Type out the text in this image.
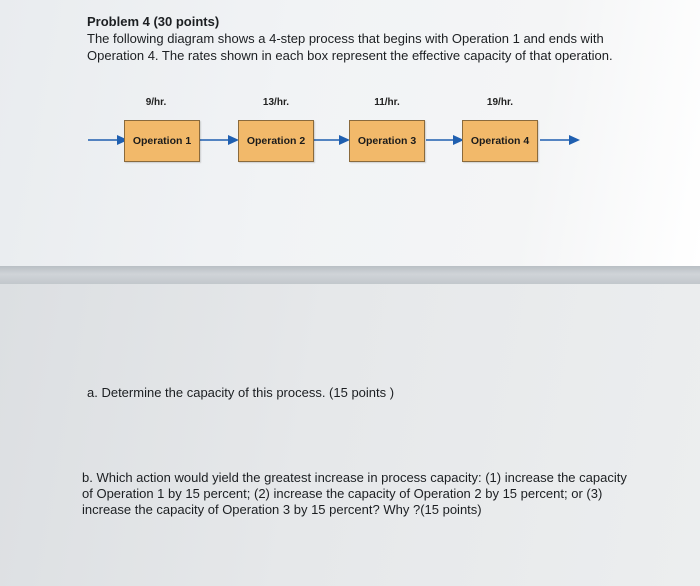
Problem 4 (30 points)
The following diagram shows a 4-step process that begins with Operation 1 and ends with Operation 4. The rates shown in each box represent the effective capacity of that operation.
9/hr.	13/hr.	11/hr.	19/hr.
Operation 1	Operation 2	Operation 3	Operation 4
a. Determine the capacity of this process. (15 points )
b. Which action would yield the greatest increase in process capacity: (1) increase the capacity of Operation 1 by 15 percent; (2) increase the capacity of Operation 2 by 15 percent; or (3) increase the capacity of Operation 3 by 15 percent? Why ?(15 points)
